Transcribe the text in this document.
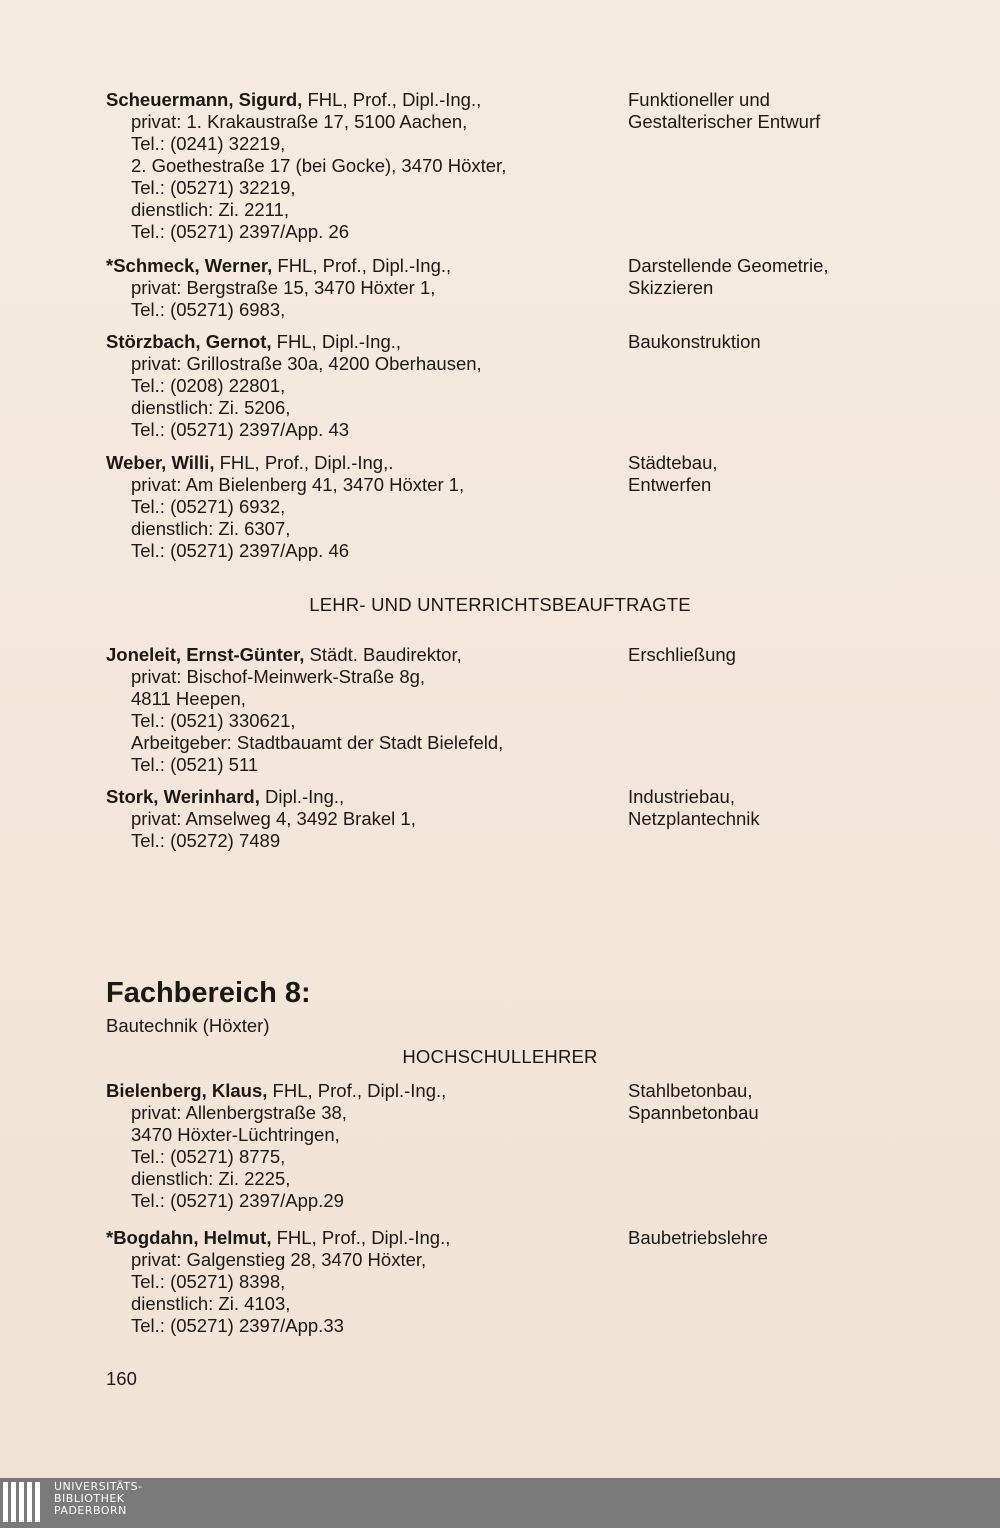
Scheuermann, Sigurd, FHL, Prof., Dipl.-Ing.,
privat: 1. Krakaustraße 17, 5100 Aachen,
Tel.: (0241) 32219,
2. Goethestraße 17 (bei Gocke), 3470 Höxter,
Tel.: (05271) 32219,
dienstlich: Zi. 2211,
Tel.: (05271) 2397/App. 26
Funktioneller und
Gestalterischer Entwurf
*Schmeck, Werner, FHL, Prof., Dipl.-Ing.,
privat: Bergstraße 15, 3470 Höxter 1,
Tel.: (05271) 6983,
Darstellende Geometrie,
Skizzieren
Störzbach, Gernot, FHL, Dipl.-Ing.,
privat: Grillostraße 30a, 4200 Oberhausen,
Tel.: (0208) 22801,
dienstlich: Zi. 5206,
Tel.: (05271) 2397/App. 43
Baukonstruktion
Weber, Willi, FHL, Prof., Dipl.-Ing,.
privat: Am Bielenberg 41, 3470 Höxter 1,
Tel.: (05271) 6932,
dienstlich: Zi. 6307,
Tel.: (05271) 2397/App. 46
Städtebau,
Entwerfen
LEHR- UND UNTERRICHTSBEAUFTRAGTE
Joneleit, Ernst-Günter, Städt. Baudirektor,
privat: Bischof-Meinwerk-Straße 8g,
4811 Heepen,
Tel.: (0521) 330621,
Arbeitgeber: Stadtbauamt der Stadt Bielefeld,
Tel.: (0521) 511
Erschließung
Stork, Werinhard, Dipl.-Ing.,
privat: Amselweg 4, 3492 Brakel 1,
Tel.: (05272) 7489
Industriebau,
Netzplantechnik
Fachbereich 8:
Bautechnik (Höxter)
HOCHSCHULLEHRER
Bielenberg, Klaus, FHL, Prof., Dipl.-Ing.,
privat: Allenbergstraße 38,
3470 Höxter-Lüchtringen,
Tel.: (05271) 8775,
dienstlich: Zi. 2225,
Tel.: (05271) 2397/App.29
Stahlbetonbau,
Spannbetonbau
*Bogdahn, Helmut, FHL, Prof., Dipl.-Ing.,
privat: Galgenstieg 28, 3470 Höxter,
Tel.: (05271) 8398,
dienstlich: Zi. 4103,
Tel.: (05271) 2397/App.33
Baubetriebslehre
160
UNIVERSITÄTS-
BIBLIOTHEK
PADERBORN
